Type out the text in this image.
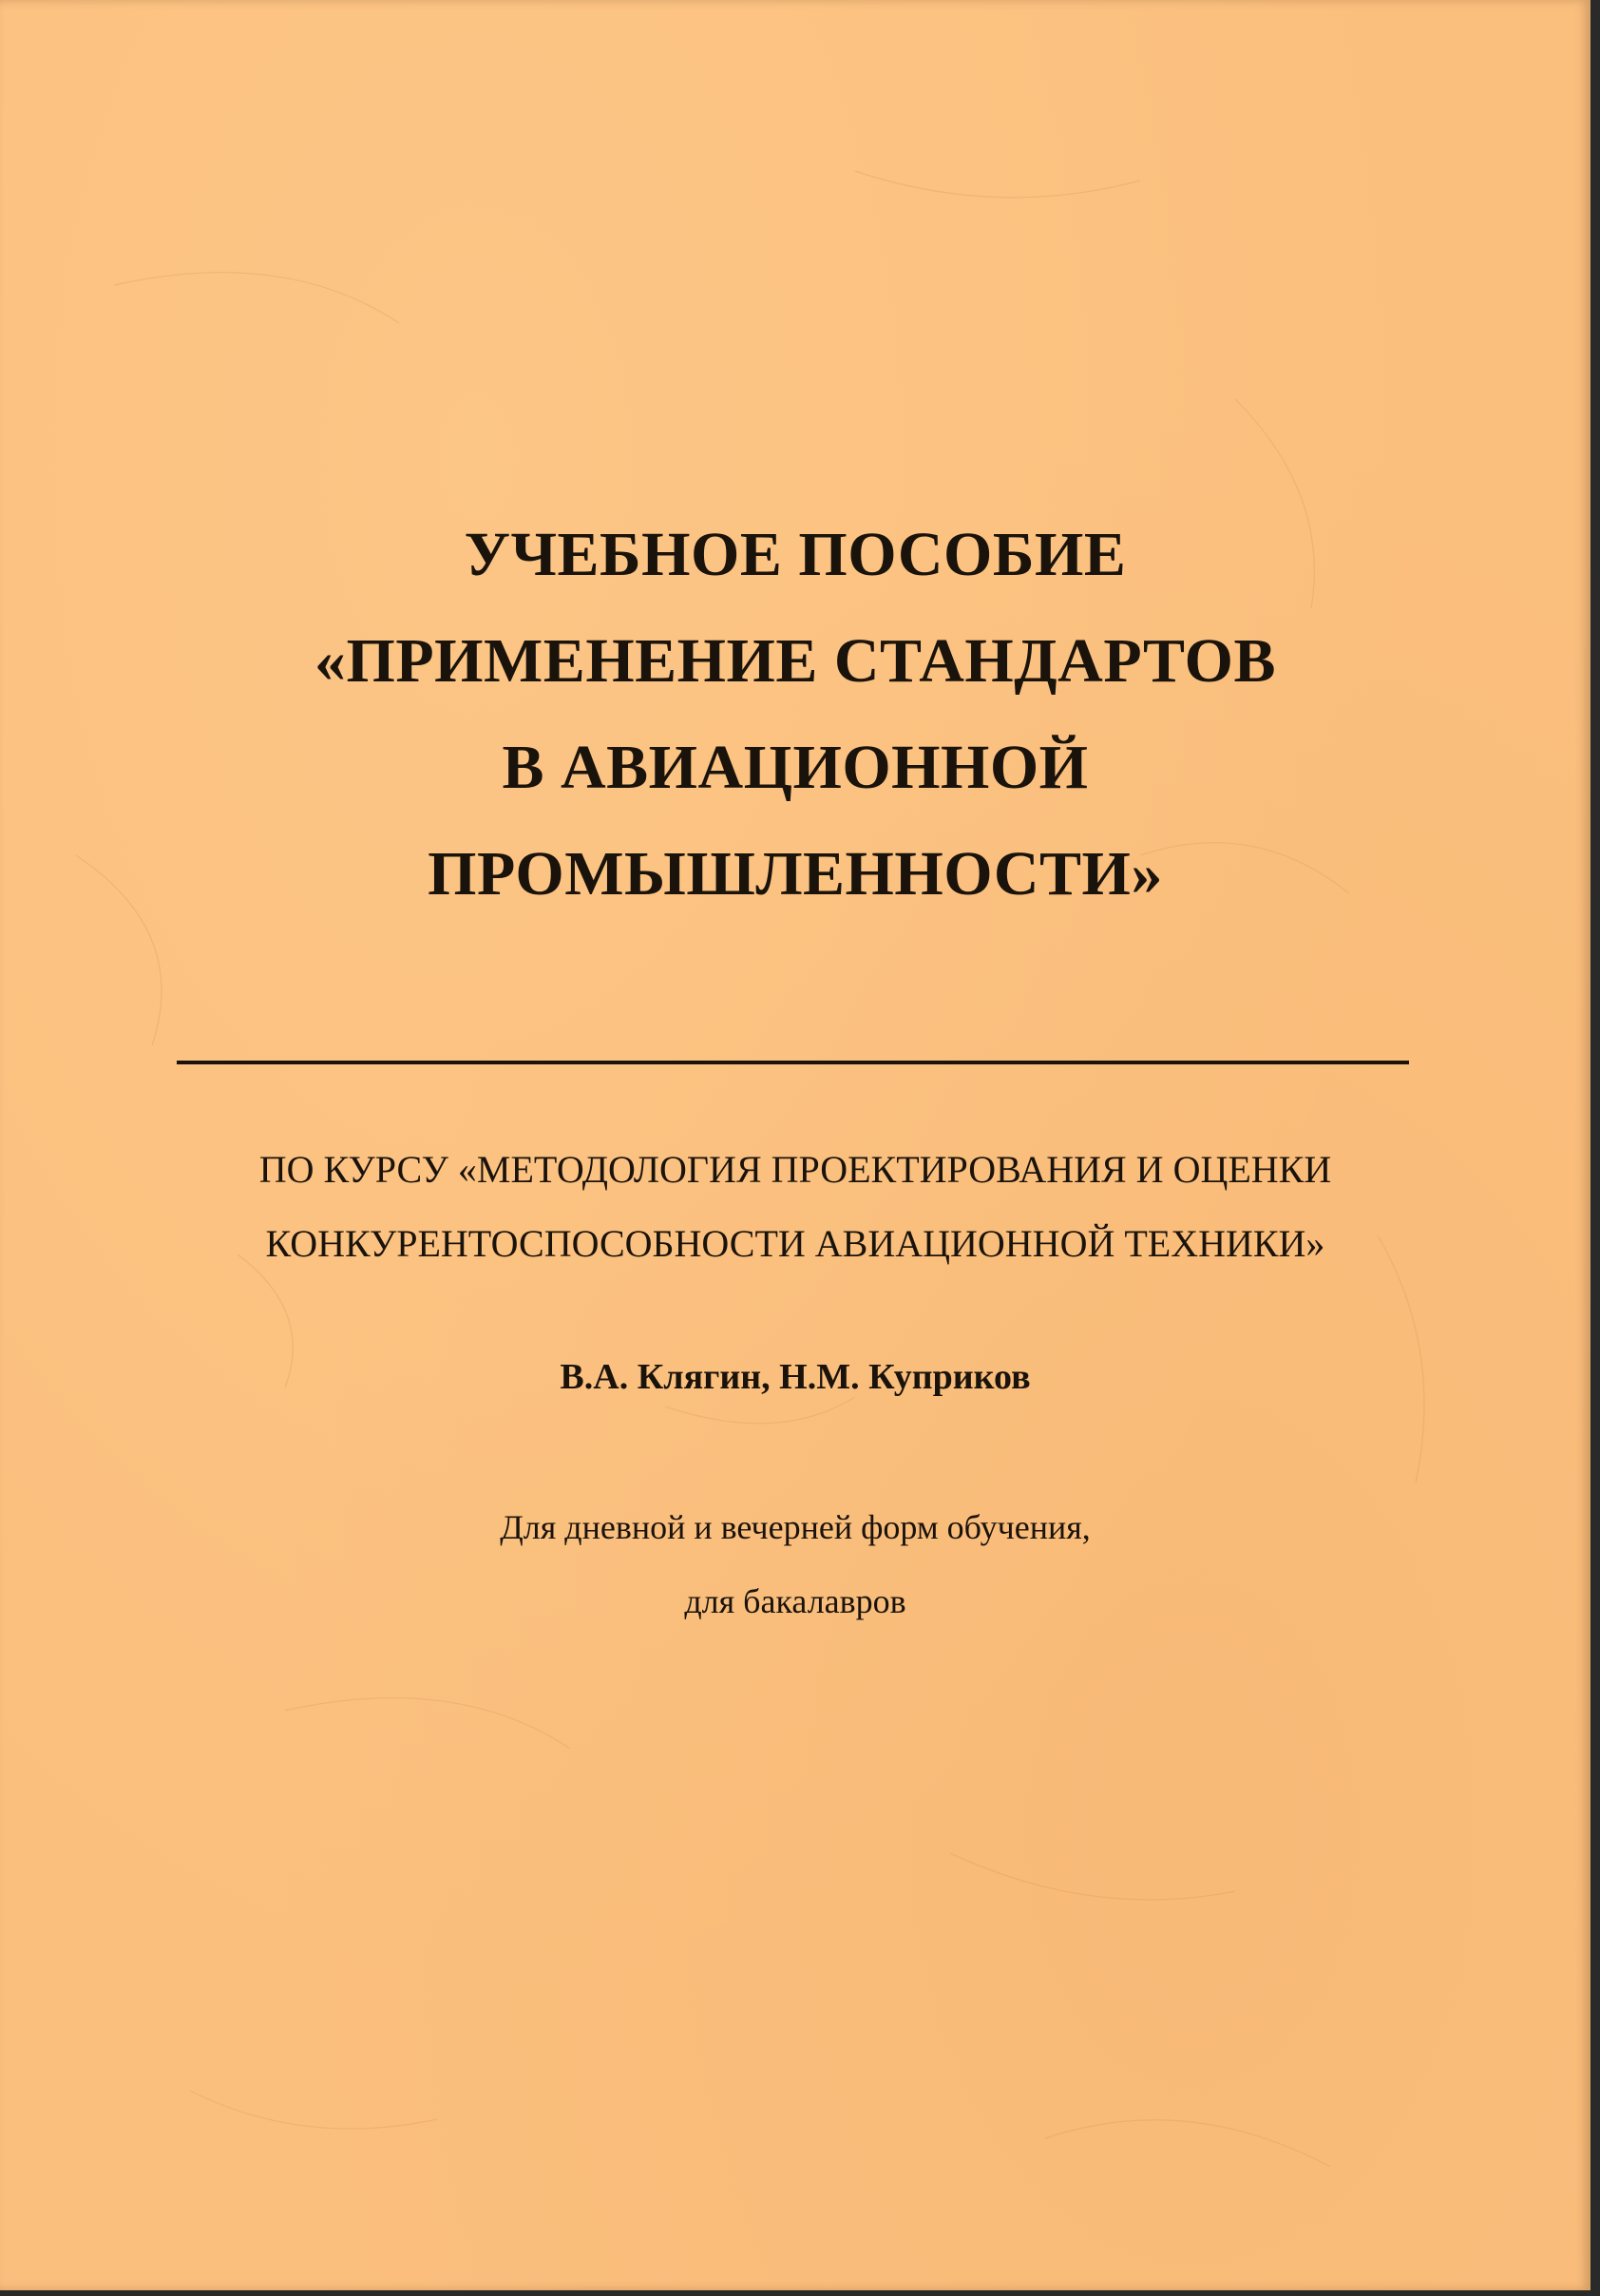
УЧЕБНОЕ ПОСОБИЕ
«ПРИМЕНЕНИЕ СТАНДАРТОВ
В АВИАЦИОННОЙ
ПРОМЫШЛЕННОСТИ»
ПО КУРСУ «МЕТОДОЛОГИЯ ПРОЕКТИРОВАНИЯ И ОЦЕНКИ
КОНКУРЕНТОСПОСОБНОСТИ АВИАЦИОННОЙ ТЕХНИКИ»
В.А. Клягин, Н.М. Куприков
Для дневной и вечерней форм обучения,
для бакалавров
